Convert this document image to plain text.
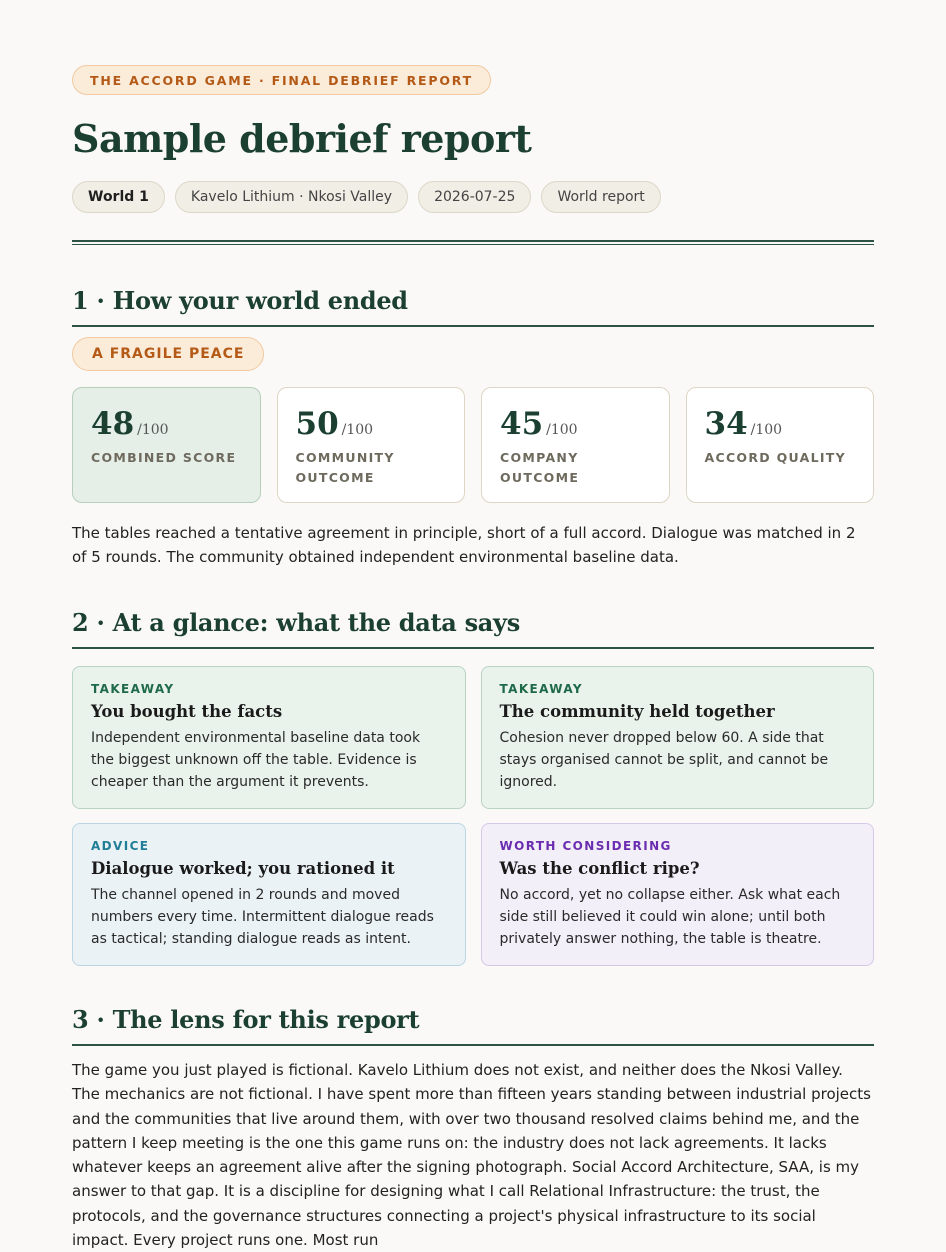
THE ACCORD GAME · FINAL DEBRIEF REPORT
Sample debrief report
World 1	Kavelo Lithium · Nkosi Valley	2026-07-25	World report
1 · How your world ended
A FRAGILE PEACE
48 /100
COMBINED SCORE
50 /100
COMMUNITY OUTCOME
45 /100
COMPANY OUTCOME
34 /100
ACCORD QUALITY

The tables reached a tentative agreement in principle, short of a full accord. Dialogue was matched in 2 of 5 rounds. The community obtained independent environmental baseline data.

2 · At a glance: what the data says
TAKEAWAY
You bought the facts
Independent environmental baseline data took the biggest unknown off the table. Evidence is cheaper than the argument it prevents.
TAKEAWAY
The community held together
Cohesion never dropped below 60. A side that stays organised cannot be split, and cannot be ignored.
ADVICE
Dialogue worked; you rationed it
The channel opened in 2 rounds and moved numbers every time. Intermittent dialogue reads as tactical; standing dialogue reads as intent.
WORTH CONSIDERING
Was the conflict ripe?
No accord, yet no collapse either. Ask what each side still believed it could win alone; until both privately answer nothing, the table is theatre.
3 · The lens for this report

The game you just played is fictional. Kavelo Lithium does not exist, and neither does the Nkosi Valley. The mechanics are not fictional. I have spent more than fifteen years standing between industrial projects and the communities that live around them, with over two thousand resolved claims behind me, and the pattern I keep meeting is the one this game runs on: the industry does not lack agreements. It lacks whatever keeps an agreement alive after the signing photograph. Social Accord Architecture, SAA, is my answer to that gap. It is a discipline for designing what I call Relational Infrastructure: the trust, the protocols, and the governance structures connecting a project's physical infrastructure to its social impact. Every project runs one. Most run
